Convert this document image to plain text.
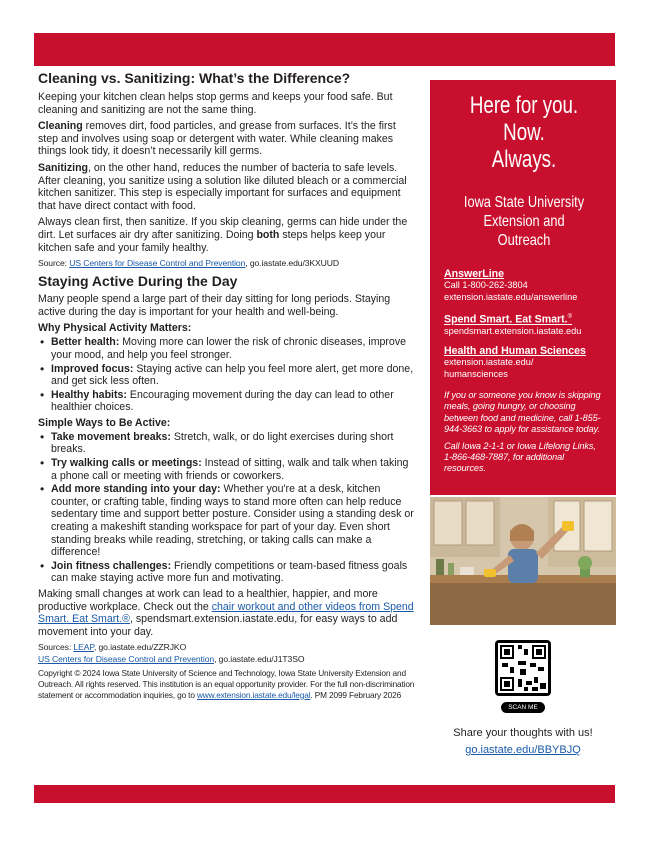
Cleaning vs. Sanitizing: What’s the Difference?

Keeping your kitchen clean helps stop germs and keeps your food safe. But cleaning and sanitizing are not the same thing.

Cleaning removes dirt, food particles, and grease from surfaces. It’s the first step and involves using soap or detergent with water. While cleaning makes things look tidy, it doesn’t necessarily kill germs.

Sanitizing, on the other hand, reduces the number of bacteria to safe levels. After cleaning, you sanitize using a solution like diluted bleach or a commercial kitchen sanitizer. This step is especially important for surfaces and equipment that have direct contact with food.

Always clean first, then sanitize. If you skip cleaning, germs can hide under the dirt. Let surfaces air dry after sanitizing. Doing both steps helps keep your kitchen safe and your family healthy.

Source: US Centers for Disease Control and Prevention, go.iastate.edu/3KXUUD

Staying Active During the Day

Many people spend a large part of their day sitting for long periods. Staying active during the day is important for your health and well-being.

Why Physical Activity Matters:

• Better health: Moving more can lower the risk of chronic diseases, improve your mood, and help you feel stronger.
• Improved focus: Staying active can help you feel more alert, get more done, and get sick less often.
• Healthy habits: Encouraging movement during the day can lead to other healthier choices.

Simple Ways to Be Active:

• Take movement breaks: Stretch, walk, or do light exercises during short breaks.
• Try walking calls or meetings: Instead of sitting, walk and talk when taking a phone call or meeting with friends or coworkers.
• Add more standing into your day: Whether you're at a desk, kitchen counter, or crafting table, finding ways to stand more often can help reduce sedentary time and support better posture. Consider using a standing desk or creating a makeshift standing workspace for part of your day. Even short standing breaks while reading, stretching, or taking calls can make a difference!
• Join fitness challenges: Friendly competitions or team-based fitness goals can make staying active more fun and motivating.

Making small changes at work can lead to a healthier, happier, and more productive workplace. Check out the chair workout and other videos from Spend Smart. Eat Smart.®, spendsmart.extension.iastate.edu, for easy ways to add movement into your day.

Sources: LEAP, go.iastate.edu/ZZRJKO

US Centers for Disease Control and Prevention, go.iastate.edu/J1T3SO

Copyright © 2024 Iowa State University of Science and Technology, Iowa State University Extension and Outreach. All rights reserved. This institution is an equal opportunity provider. For the full non-discrimination statement or accommodation inquiries, go to www.extension.iastate.edu/legal. PM 2099 February 2026

Here for you.
Now.
Always.
Iowa State University
Extension and Outreach
AnswerLine
Call 1-800-262-3804
extension.iastate.edu/answerline
Spend Smart. Eat Smart.®
spendsmart.extension.iastate.edu
Health and Human Sciences
extension.iastate.edu/
humansciences

If you or someone you know is skipping meals, going hungry, or choosing between food and medicine, call 1-855-944-3663 to apply for assistance today.

Call Iowa 2-1-1 or Iowa Lifelong Links, 1-866-468-7887, for additional resources.

SCAN ME
Share your thoughts with us!
go.iastate.edu/BBYBJQ
